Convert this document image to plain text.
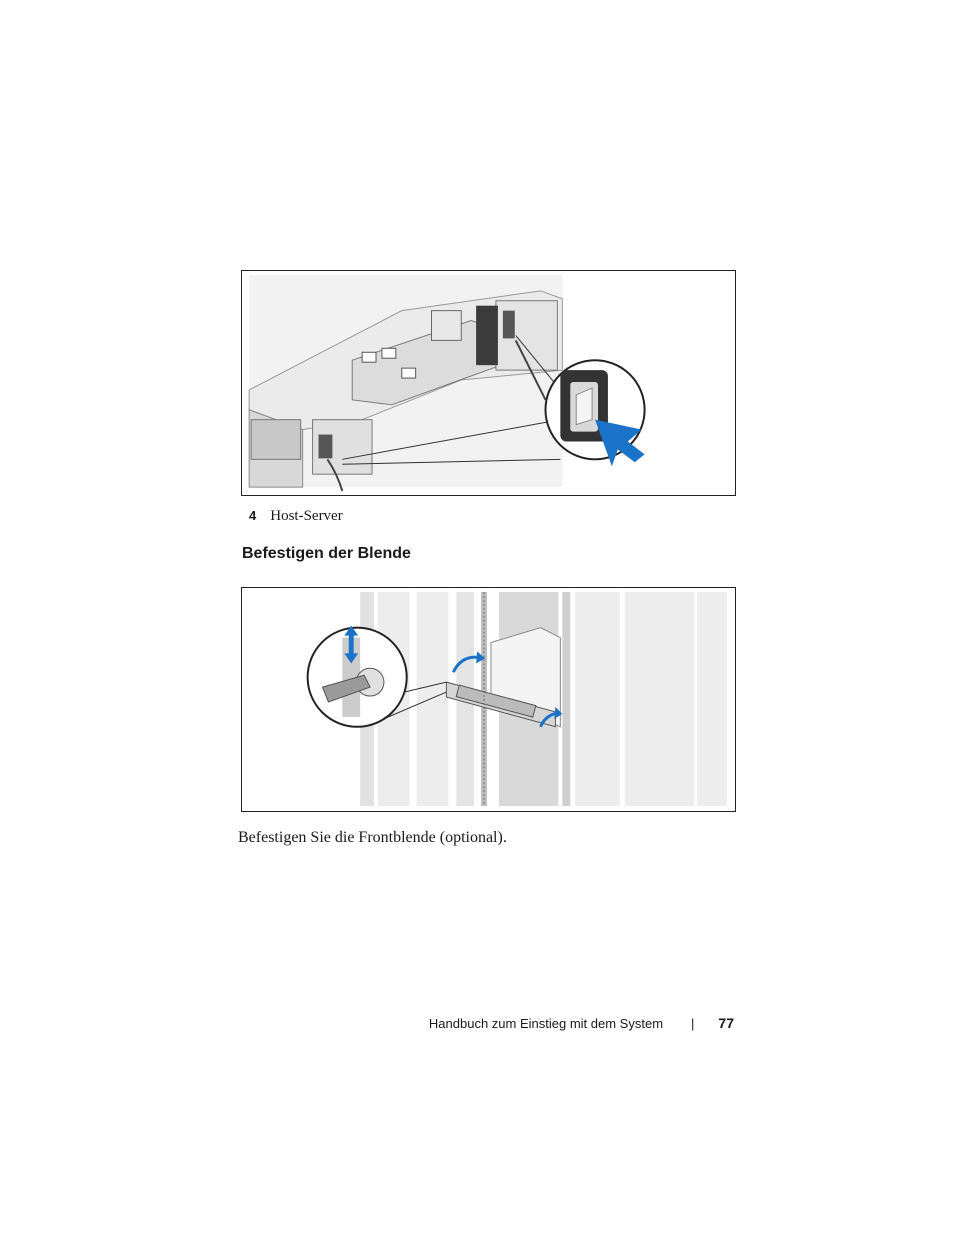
4 Host-Server
Befestigen der Blende

Befestigen Sie die Frontblende (optional).

Handbuch zum Einstieg mit dem System | 77
